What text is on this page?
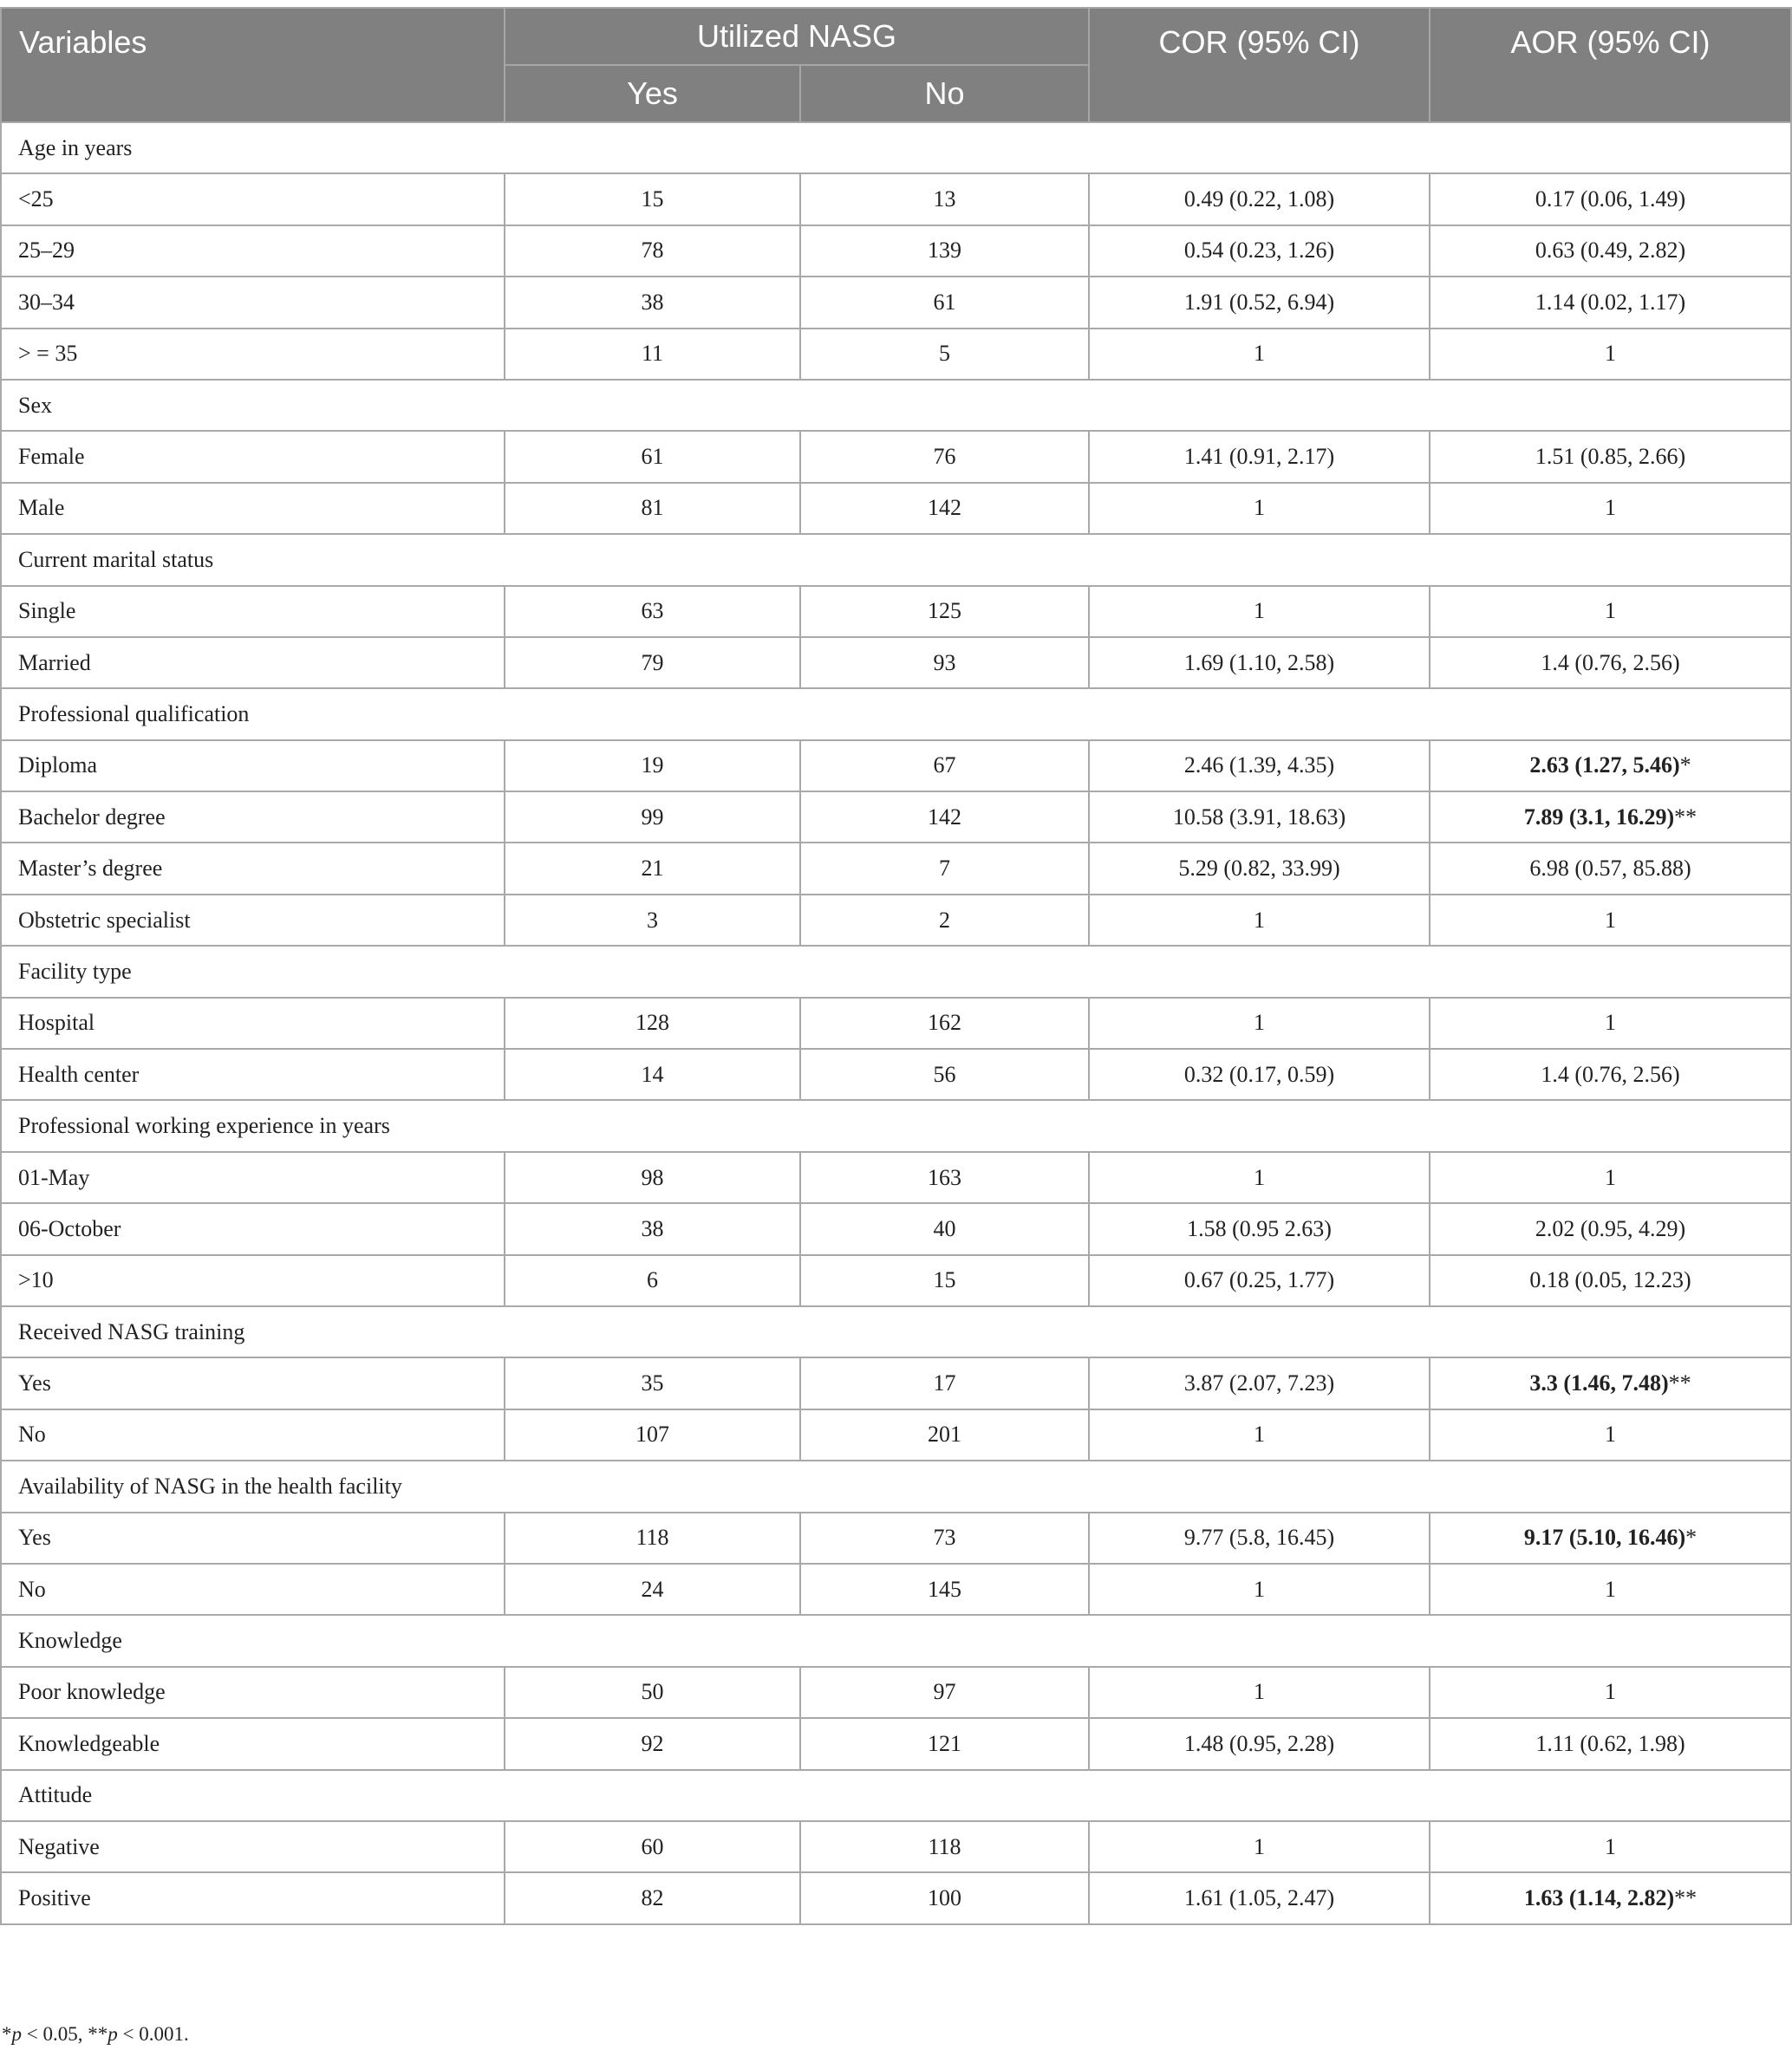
Variables	Utilized NASG		COR (95% CI)	AOR (95% CI)
	Yes	No		
Age in years				
<25	15	13	0.49 (0.22, 1.08)	0.17 (0.06, 1.49)
25–29	78	139	0.54 (0.23, 1.26)	0.63 (0.49, 2.82)
30–34	38	61	1.91 (0.52, 6.94)	1.14 (0.02, 1.17)
> = 35	11	5	1	1
Sex				
Female	61	76	1.41 (0.91, 2.17)	1.51 (0.85, 2.66)
Male	81	142	1	1
Current marital status				
Single	63	125	1	1
Married	79	93	1.69 (1.10, 2.58)	1.4 (0.76, 2.56)
Professional qualification				
Diploma	19	67	2.46 (1.39, 4.35)	2.63 (1.27, 5.46)*
Bachelor degree	99	142	10.58 (3.91, 18.63)	7.89 (3.1, 16.29)**
Master’s degree	21	7	5.29 (0.82, 33.99)	6.98 (0.57, 85.88)
Obstetric specialist	3	2	1	1
Facility type				
Hospital	128	162	1	1
Health center	14	56	0.32 (0.17, 0.59)	1.4 (0.76, 2.56)
Professional working experience in years				
01-May	98	163	1	1
06-October	38	40	1.58 (0.95 2.63)	2.02 (0.95, 4.29)
>10	6	15	0.67 (0.25, 1.77)	0.18 (0.05, 12.23)
Received NASG training				
Yes	35	17	3.87 (2.07, 7.23)	3.3 (1.46, 7.48)**
No	107	201	1	1
Availability of NASG in the health facility				
Yes	118	73	9.77 (5.8, 16.45)	9.17 (5.10, 16.46)*
No	24	145	1	1
Knowledge				
Poor knowledge	50	97	1	1
Knowledgeable	92	121	1.48 (0.95, 2.28)	1.11 (0.62, 1.98)
Attitude				
Negative	60	118	1	1
Positive	82	100	1.61 (1.05, 2.47)	1.63 (1.14, 2.82)**
*p < 0.05, **p < 0.001.
